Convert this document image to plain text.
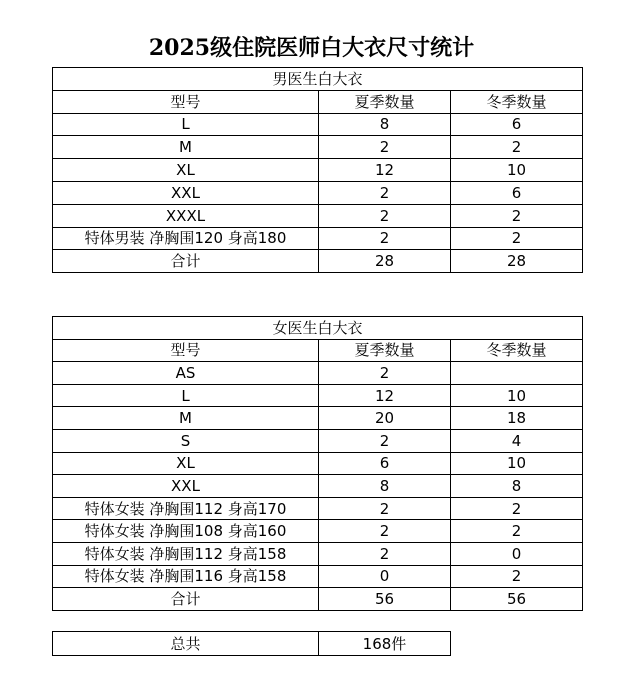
2025级住院医师白大衣尺寸统计
男医生白大衣		
型号	夏季数量	冬季数量
L	8	6
M	2	2
XL	12	10
XXL	2	6
XXXL	2	2
特体男装 净胸围120 身高180	2	2
合计	28	28
女医生白大衣		
型号	夏季数量	冬季数量
AS	2	
L	12	10
M	20	18
S	2	4
XL	6	10
XXL	8	8
特体女装 净胸围112 身高170	2	2
特体女装 净胸围108 身高160	2	2
特体女装 净胸围112 身高158	2	0
特体女装 净胸围116 身高158	0	2
合计	56	56
总共	168件
